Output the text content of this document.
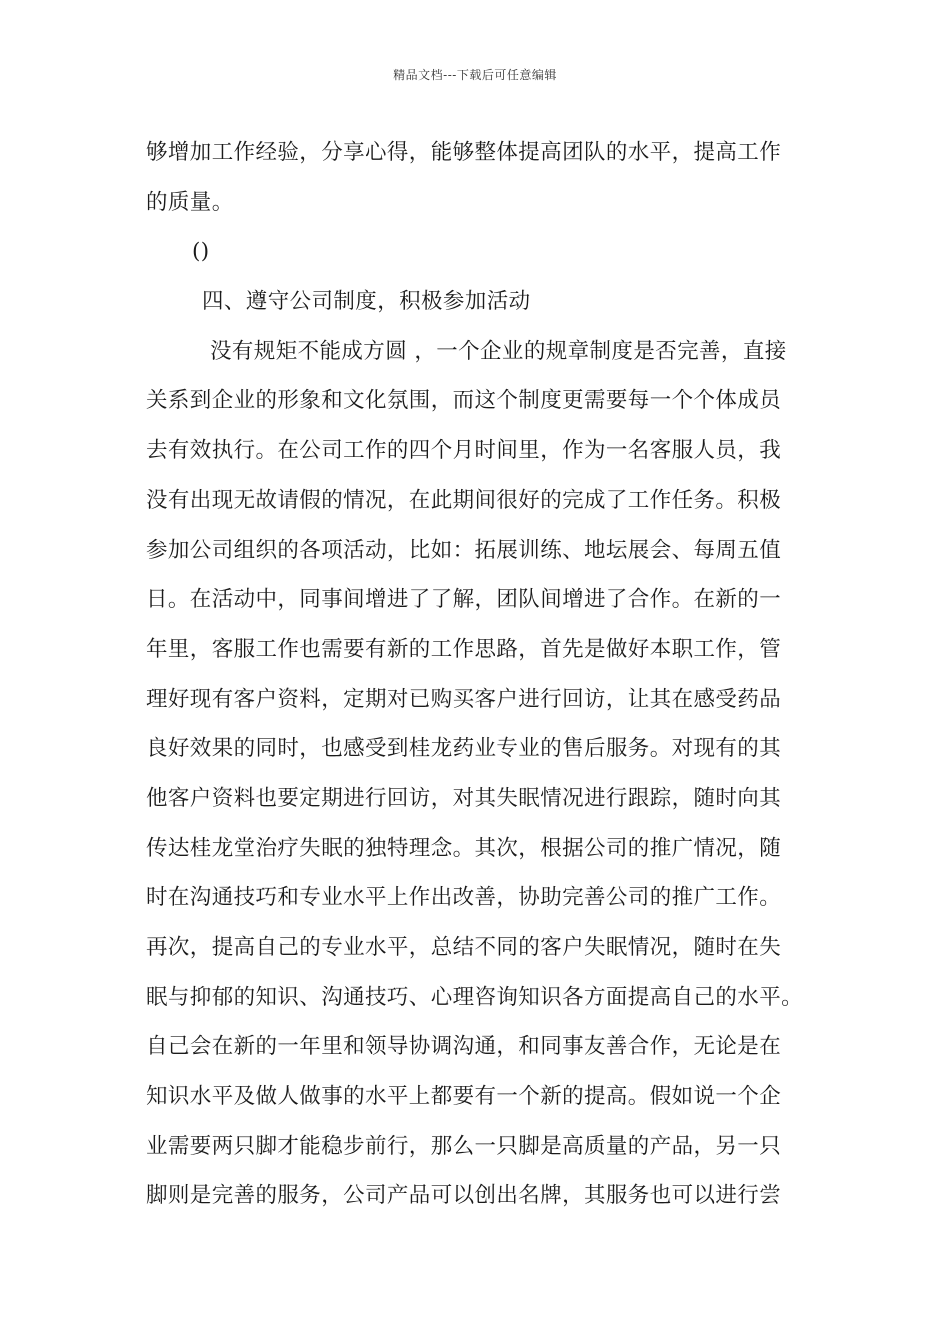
精品文档---下载后可任意编辑
够增加工作经验，分享心得，能够整体提高团队的水平，提高工作
的质量。
()
四、遵守公司制度，积极参加活动
没有规矩不能成方圆 ，一个企业的规章制度是否完善，直接
关系到企业的形象和文化氛围，而这个制度更需要每一个个体成员
去有效执行。在公司工作的四个月时间里，作为一名客服人员，我
没有出现无故请假的情况，在此期间很好的完成了工作任务。积极
参加公司组织的各项活动，比如：拓展训练、地坛展会、每周五值
日。在活动中，同事间增进了了解，团队间增进了合作。在新的一
年里，客服工作也需要有新的工作思路，首先是做好本职工作，管
理好现有客户资料，定期对已购买客户进行回访，让其在感受药品
良好效果的同时，也感受到桂龙药业专业的售后服务。对现有的其
他客户资料也要定期进行回访，对其失眠情况进行跟踪，随时向其
传达桂龙堂治疗失眠的独特理念。其次，根据公司的推广情况，随
时在沟通技巧和专业水平上作出改善，协助完善公司的推广工作。
再次，提高自己的专业水平，总结不同的客户失眠情况，随时在失
眠与抑郁的知识、沟通技巧、心理咨询知识各方面提高自己的水平。
自己会在新的一年里和领导协调沟通，和同事友善合作，无论是在
知识水平及做人做事的水平上都要有一个新的提高。假如说一个企
业需要两只脚才能稳步前行，那么一只脚是高质量的产品，另一只
脚则是完善的服务，公司产品可以创出名牌，其服务也可以进行尝
